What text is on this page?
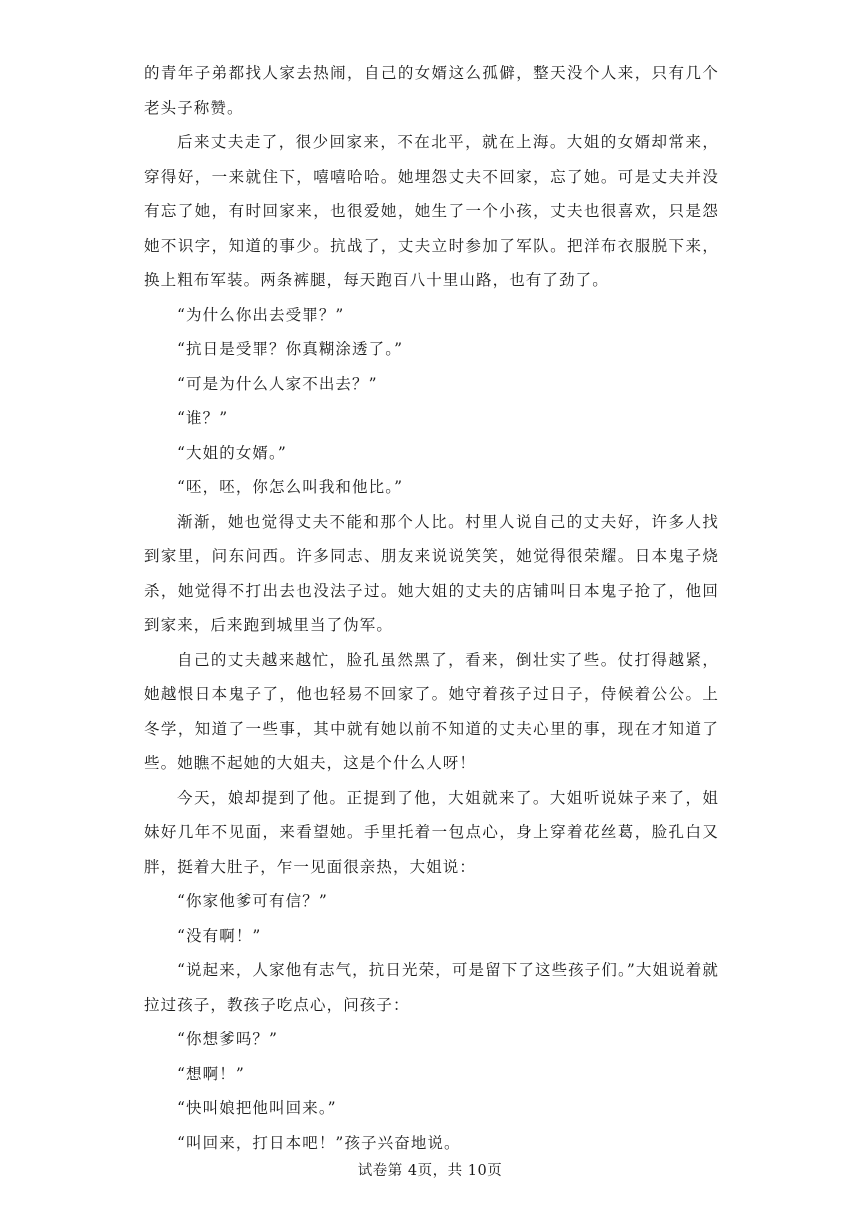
的青年子弟都找人家去热闹，自己的女婿这么孤僻，整天没个人来，只有几个老头子称赞。

后来丈夫走了，很少回家来，不在北平，就在上海。大姐的女婿却常来，穿得好，一来就住下，嘻嘻哈哈。她埋怨丈夫不回家，忘了她。可是丈夫并没有忘了她，有时回家来，也很爱她，她生了一个小孩，丈夫也很喜欢，只是怨她不识字，知道的事少。抗战了，丈夫立时参加了军队。把洋布衣服脱下来，换上粗布军装。两条裤腿，每天跑百八十里山路，也有了劲了。

“为什么你出去受罪？”

“抗日是受罪？你真糊涂透了。”

“可是为什么人家不出去？”

“谁？”

“大姐的女婿。”

“呸，呸，你怎么叫我和他比。”

渐渐，她也觉得丈夫不能和那个人比。村里人说自己的丈夫好，许多人找到家里，问东问西。许多同志、朋友来说说笑笑，她觉得很荣耀。日本鬼子烧杀，她觉得不打出去也没法子过。她大姐的丈夫的店铺叫日本鬼子抢了，他回到家来，后来跑到城里当了伪军。

自己的丈夫越来越忙，脸孔虽然黑了，看来，倒壮实了些。仗打得越紧，她越恨日本鬼子了，他也轻易不回家了。她守着孩子过日子，侍候着公公。上冬学，知道了一些事，其中就有她以前不知道的丈夫心里的事，现在才知道了些。她瞧不起她的大姐夫，这是个什么人呀！

今天，娘却提到了他。正提到了他，大姐就来了。大姐听说妹子来了，姐妹好几年不见面，来看望她。手里托着一包点心，身上穿着花丝葛，脸孔白又胖，挺着大肚子，乍一见面很亲热，大姐说：

“你家他爹可有信？”

“没有啊！”

“说起来，人家他有志气，抗日光荣，可是留下了这些孩子们。”大姐说着就拉过孩子，教孩子吃点心，问孩子：

“你想爹吗？”

“想啊！”

“快叫娘把他叫回来。”

“叫回来，打日本吧！”孩子兴奋地说。

试卷第 4页，共 10页
